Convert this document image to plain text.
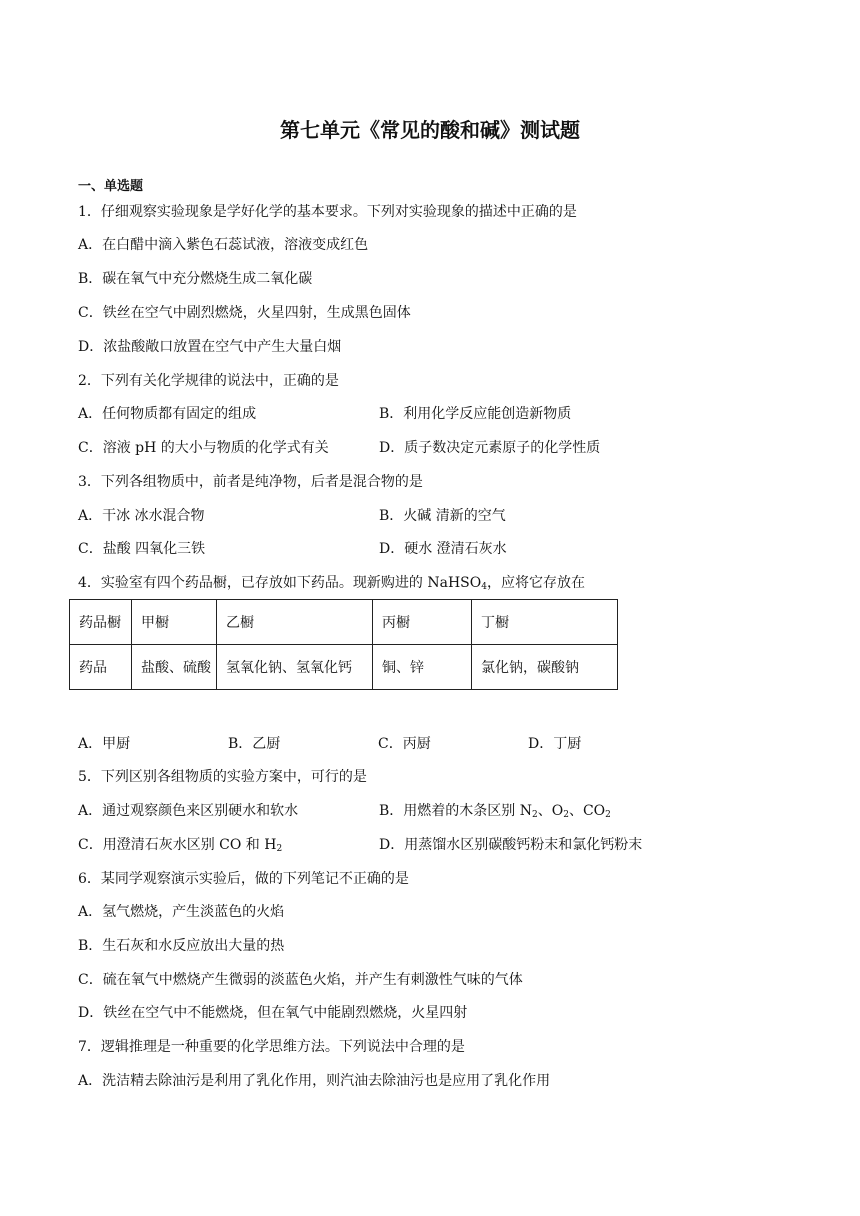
第七单元《常见的酸和碱》测试题
一、单选题
1．仔细观察实验现象是学好化学的基本要求。下列对实验现象的描述中正确的是
A．在白醋中滴入紫色石蕊试液，溶液变成红色
B．碳在氧气中充分燃烧生成二氧化碳
C．铁丝在空气中剧烈燃烧，火星四射，生成黑色固体
D．浓盐酸敞口放置在空气中产生大量白烟
2．下列有关化学规律的说法中，正确的是
A．任何物质都有固定的组成	B．利用化学反应能创造新物质
C．溶液 pH 的大小与物质的化学式有关	D．质子数决定元素原子的化学性质
3．下列各组物质中，前者是纯净物，后者是混合物的是
A．干冰 冰水混合物	B．火碱 清新的空气
C．盐酸 四氧化三铁	D．硬水 澄清石灰水
4．实验室有四个药品橱，已存放如下药品。现新购进的 NaHSO$_4$，应将它存放在
药品橱	甲橱	乙橱	丙橱	丁橱
药品	盐酸、硫酸	氢氧化钠、氢氧化钙	铜、锌	氯化钠，碳酸钠
A．甲厨	B．乙厨	C．丙厨	D．丁厨
5．下列区别各组物质的实验方案中，可行的是
A．通过观察颜色来区别硬水和软水	B．用燃着的木条区别 $N_2$、$O_2$、$CO_2$
C．用澄清石灰水区别 CO 和 $H_2$	D．用蒸馏水区别碳酸钙粉末和氯化钙粉末
6．某同学观察演示实验后，做的下列笔记不正确的是
A．氢气燃烧，产生淡蓝色的火焰
B．生石灰和水反应放出大量的热
C．硫在氧气中燃烧产生微弱的淡蓝色火焰，并产生有刺激性气味的气体
D．铁丝在空气中不能燃烧，但在氧气中能剧烈燃烧，火星四射
7．逻辑推理是一种重要的化学思维方法。下列说法中合理的是
A．洗洁精去除油污是利用了乳化作用，则汽油去除油污也是应用了乳化作用
